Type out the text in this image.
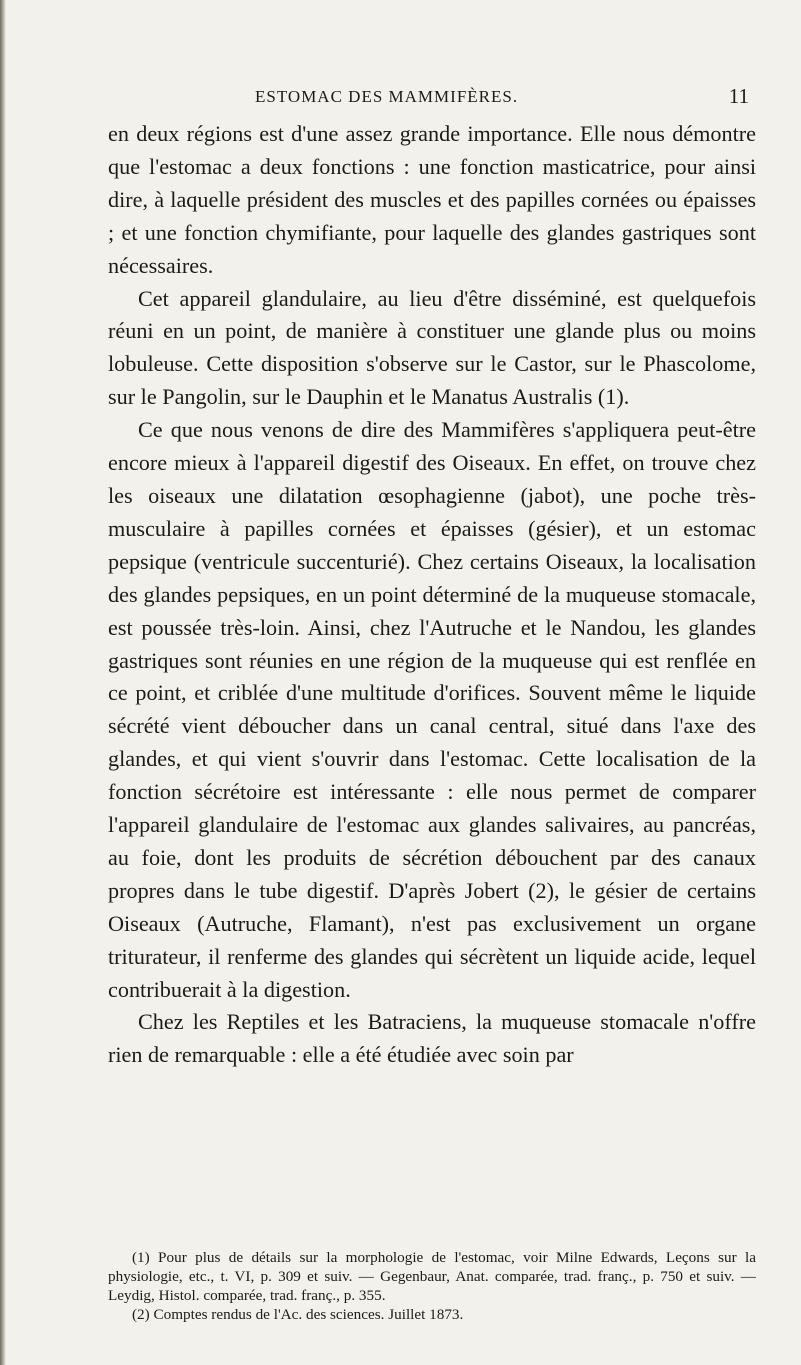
ESTOMAC DES MAMMIFÈRES.	11

en deux régions est d'une assez grande importance. Elle nous démontre que l'estomac a deux fonctions : une fonction masticatrice, pour ainsi dire, à laquelle président des muscles et des papilles cornées ou épaisses ; et une fonction chymifiante, pour laquelle des glandes gastriques sont nécessaires.

Cet appareil glandulaire, au lieu d'être disséminé, est quelquefois réuni en un point, de manière à constituer une glande plus ou moins lobuleuse. Cette disposition s'observe sur le Castor, sur le Phascolome, sur le Pangolin, sur le Dauphin et le Manatus Australis (1).

Ce que nous venons de dire des Mammifères s'appliquera peut-être encore mieux à l'appareil digestif des Oiseaux. En effet, on trouve chez les oiseaux une dilatation œsophagienne (jabot), une poche très-musculaire à papilles cornées et épaisses (gésier), et un estomac pepsique (ventricule succenturié). Chez certains Oiseaux, la localisation des glandes pepsiques, en un point déterminé de la muqueuse stomacale, est poussée très-loin. Ainsi, chez l'Autruche et le Nandou, les glandes gastriques sont réunies en une région de la muqueuse qui est renflée en ce point, et criblée d'une multitude d'orifices. Souvent même le liquide sécrété vient déboucher dans un canal central, situé dans l'axe des glandes, et qui vient s'ouvrir dans l'estomac. Cette localisation de la fonction sécrétoire est intéressante : elle nous permet de comparer l'appareil glandulaire de l'estomac aux glandes salivaires, au pancréas, au foie, dont les produits de sécrétion débouchent par des canaux propres dans le tube digestif. D'après Jobert (2), le gésier de certains Oiseaux (Autruche, Flamant), n'est pas exclusivement un organe triturateur, il renferme des glandes qui sécrètent un liquide acide, lequel contribuerait à la digestion.

Chez les Reptiles et les Batraciens, la muqueuse stomacale n'offre rien de remarquable : elle a été étudiée avec soin par

(1) Pour plus de détails sur la morphologie de l'estomac, voir Milne Edwards, Leçons sur la physiologie, etc., t. VI, p. 309 et suiv. — Gegenbaur, Anat. comparée, trad. franç., p. 750 et suiv. — Leydig, Histol. comparée, trad. franç., p. 355.

(2) Comptes rendus de l'Ac. des sciences. Juillet 1873.
